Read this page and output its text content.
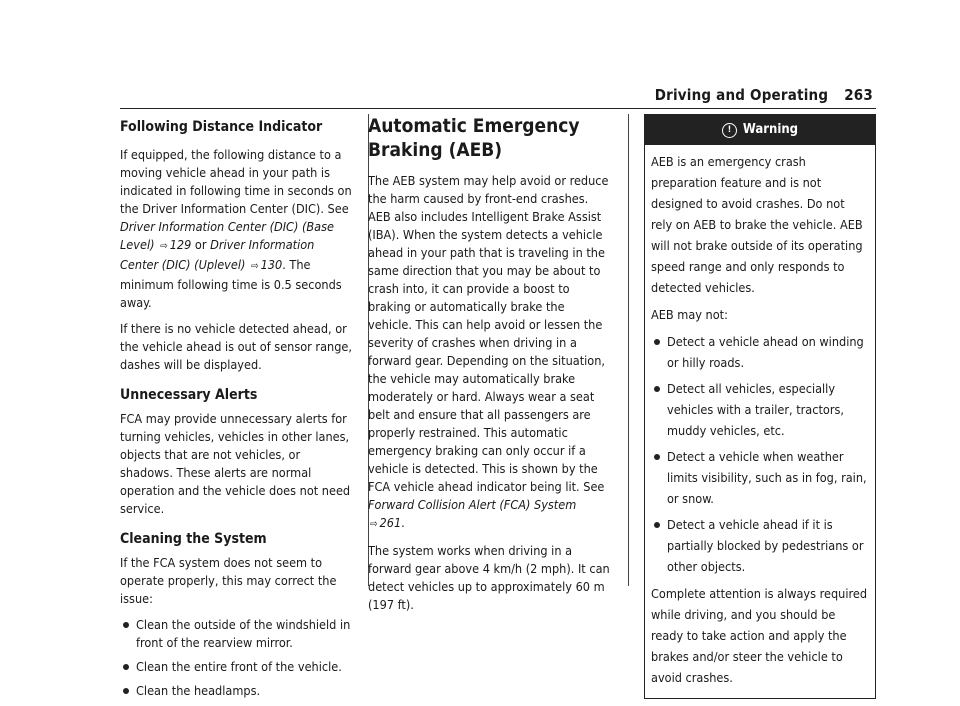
Driving and Operating 263
Following Distance Indicator

If equipped, the following distance to a moving vehicle ahead in your path is indicated in following time in seconds on the Driver Information Center (DIC). See Driver Information Center (DIC) (Base Level) ⇨ 129 or Driver Information Center (DIC) (Uplevel) ⇨ 130. The minimum following time is 0.5 seconds away.

If there is no vehicle detected ahead, or the vehicle ahead is out of sensor range, dashes will be displayed.

Unnecessary Alerts

FCA may provide unnecessary alerts for turning vehicles, vehicles in other lanes, objects that are not vehicles, or shadows. These alerts are normal operation and the vehicle does not need service.

Cleaning the System

If the FCA system does not seem to operate properly, this may correct the issue:

Clean the outside of the windshield in front of the rearview mirror.
Clean the entire front of the vehicle.
Clean the headlamps.
Automatic Emergency Braking (AEB)

The AEB system may help avoid or reduce the harm caused by front-end crashes. AEB also includes Intelligent Brake Assist (IBA). When the system detects a vehicle ahead in your path that is traveling in the same direction that you may be about to crash into, it can provide a boost to braking or automatically brake the vehicle. This can help avoid or lessen the severity of crashes when driving in a forward gear. Depending on the situation, the vehicle may automatically brake moderately or hard. Always wear a seat belt and ensure that all passengers are properly restrained. This automatic emergency braking can only occur if a vehicle is detected. This is shown by the FCA vehicle ahead indicator being lit. See Forward Collision Alert (FCA) System ⇨ 261.

The system works when driving in a forward gear above 4 km/h (2 mph). It can detect vehicles up to approximately 60 m (197 ft).

! Warning

AEB is an emergency crash preparation feature and is not designed to avoid crashes. Do not rely on AEB to brake the vehicle. AEB will not brake outside of its operating speed range and only responds to detected vehicles.

AEB may not:

Detect a vehicle ahead on winding or hilly roads.
Detect all vehicles, especially vehicles with a trailer, tractors, muddy vehicles, etc.
Detect a vehicle when weather limits visibility, such as in fog, rain, or snow.
Detect a vehicle ahead if it is partially blocked by pedestrians or other objects.

Complete attention is always required while driving, and you should be ready to take action and apply the brakes and/or steer the vehicle to avoid crashes.
